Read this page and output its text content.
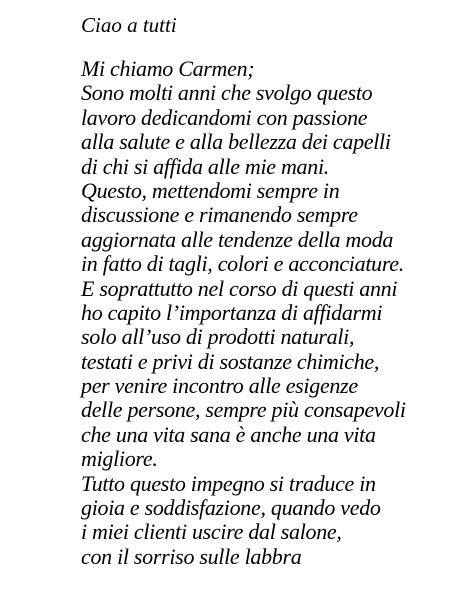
Ciao a tutti

Mi chiamo Carmen;
Sono molti anni che svolgo questo
lavoro dedicandomi con passione
alla salute e alla bellezza dei capelli
di chi si affida alle mie mani.
Questo, mettendomi sempre in
discussione e rimanendo sempre
aggiornata alle tendenze della moda
in fatto di tagli, colori e acconciature.
E soprattutto nel corso di questi anni
ho capito l’importanza di affidarmi
solo all’uso di prodotti naturali,
testati e privi di sostanze chimiche,
per venire incontro alle esigenze
delle persone, sempre più consapevoli
che una vita sana è anche una vita
migliore.
Tutto questo impegno si traduce in
gioia e soddisfazione, quando vedo
i miei clienti uscire dal salone,
con il sorriso sulle labbra
